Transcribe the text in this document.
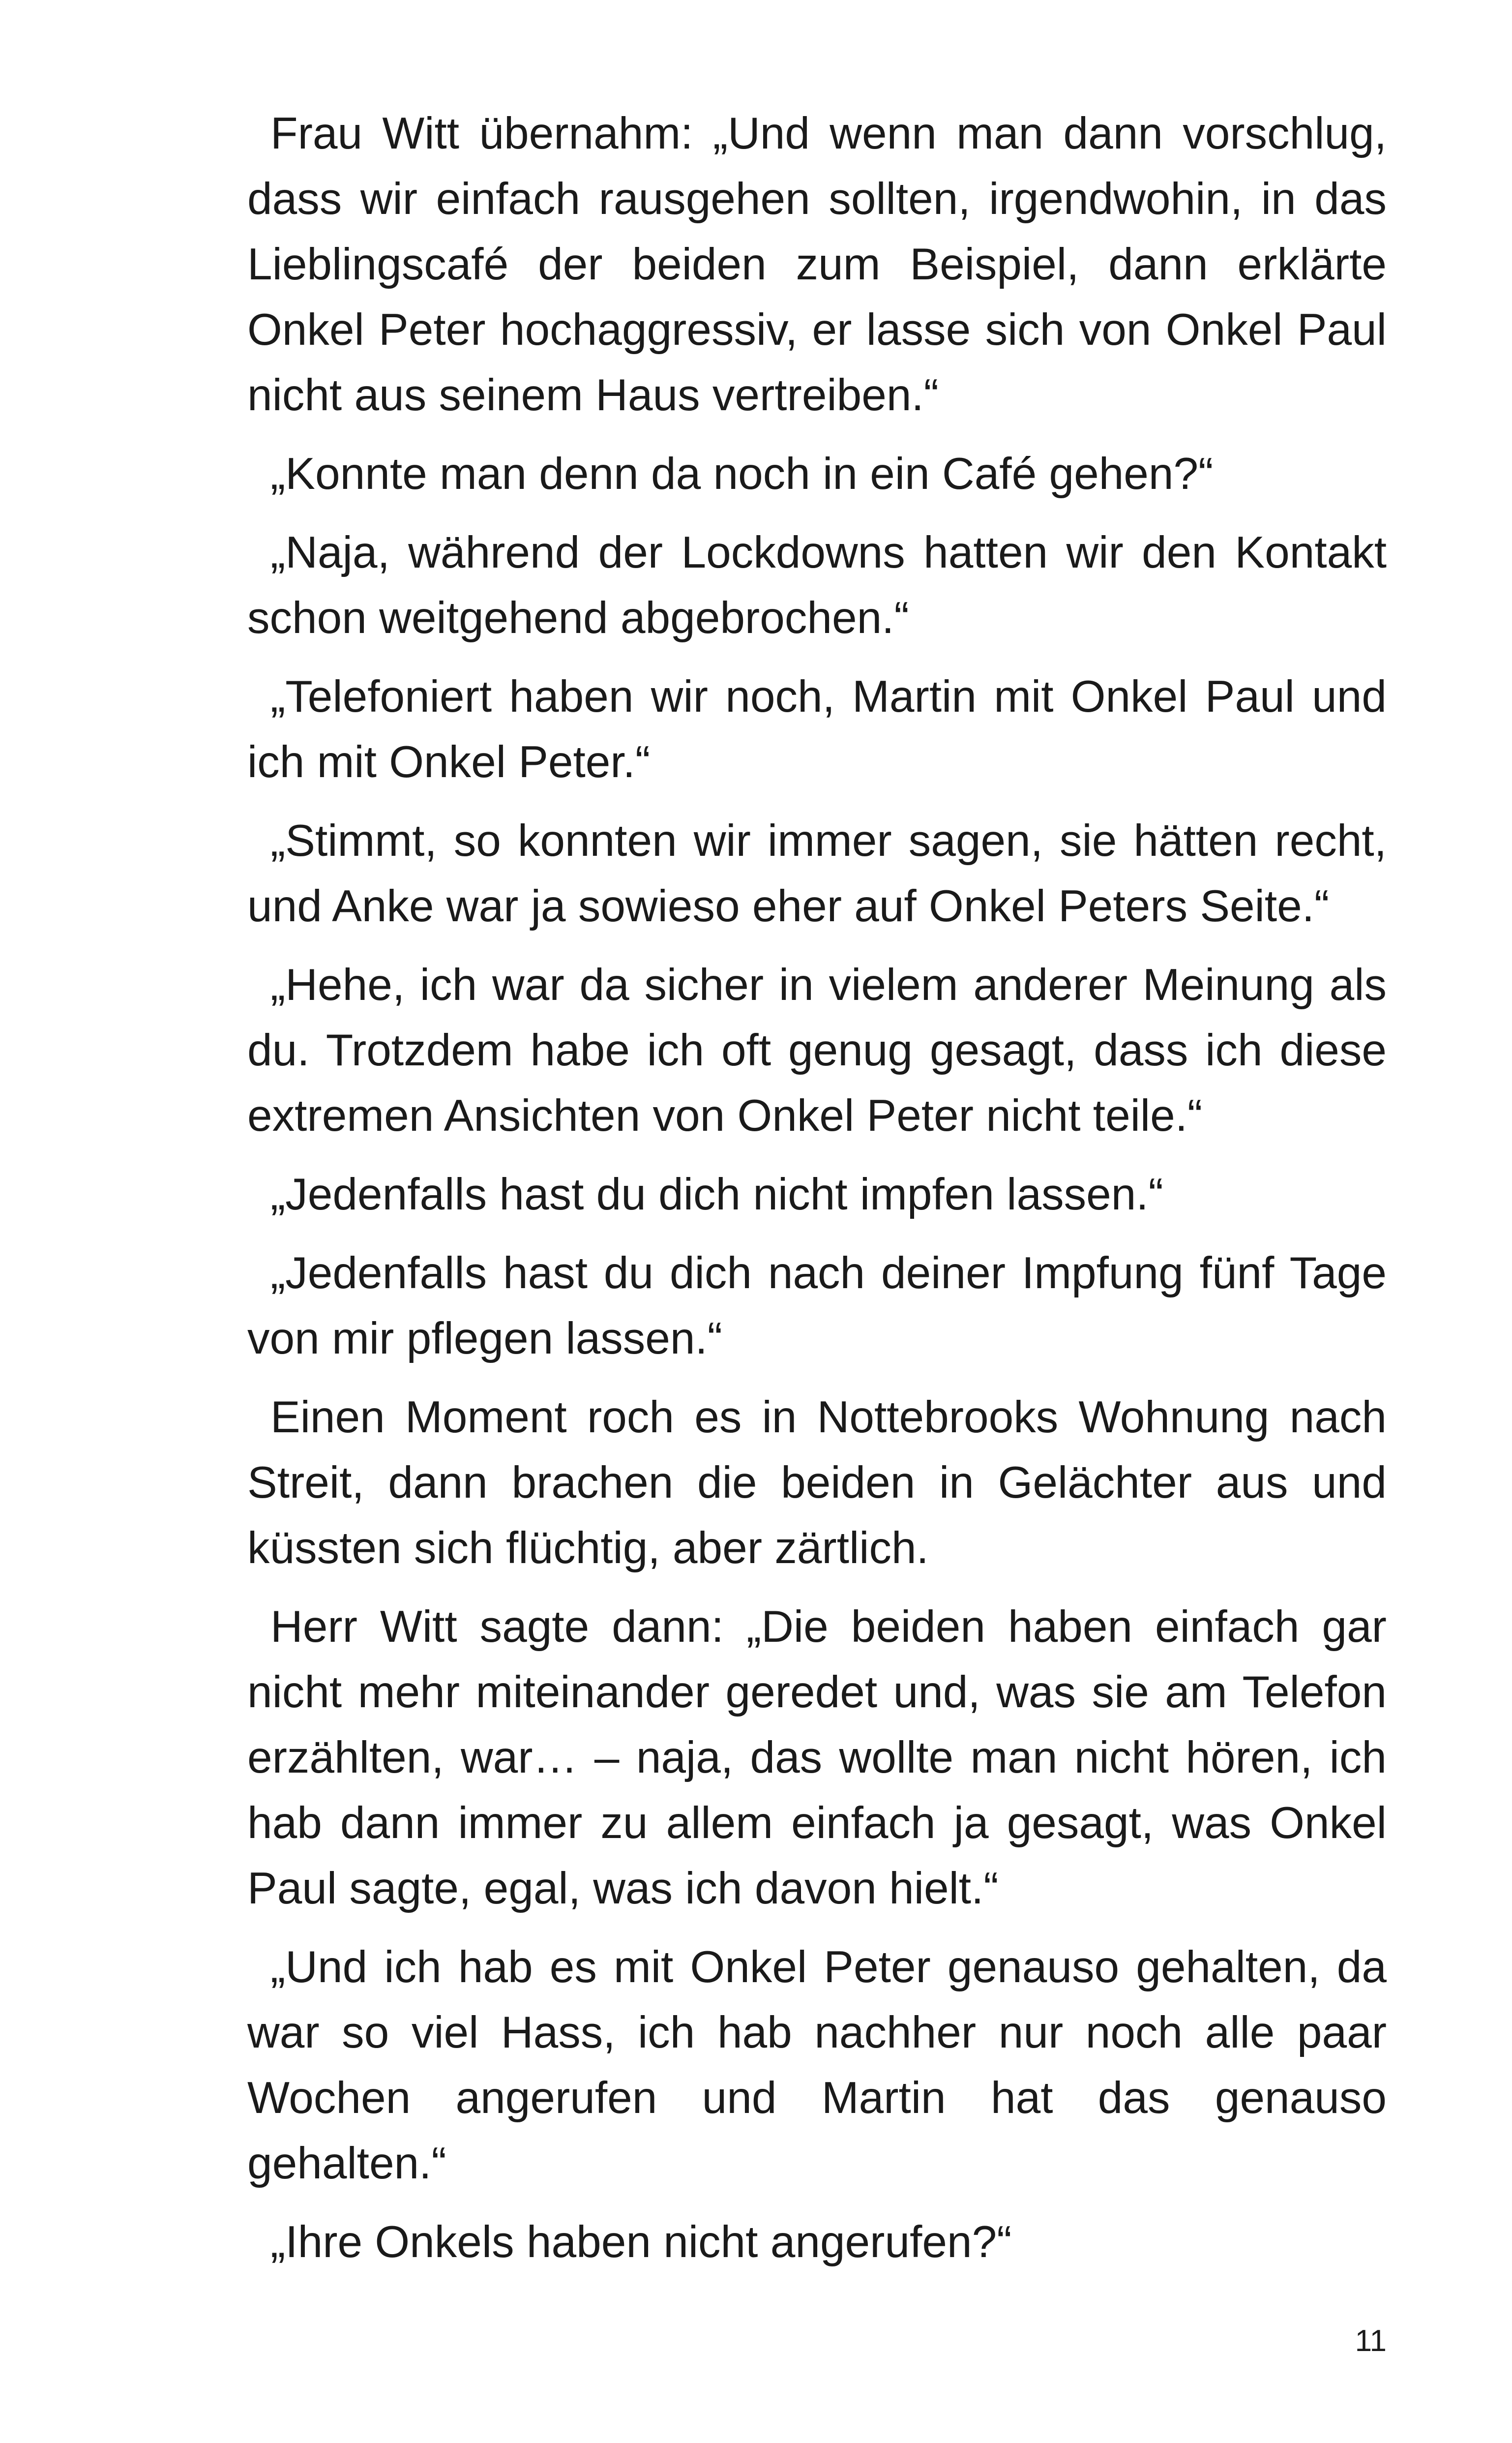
Frau Witt übernahm: „Und wenn man dann vorschlug, dass wir einfach rausgehen sollten, irgendwohin, in das Lieblingscafé der beiden zum Beispiel, dann erklärte Onkel Peter hochaggressiv, er lasse sich von Onkel Paul nicht aus seinem Haus vertreiben.“

„Konnte man denn da noch in ein Café gehen?“

„Naja, während der Lockdowns hatten wir den Kontakt schon weitgehend abgebrochen.“

„Telefoniert haben wir noch, Martin mit Onkel Paul und ich mit Onkel Peter.“

„Stimmt, so konnten wir immer sagen, sie hätten recht, und Anke war ja sowieso eher auf Onkel Peters Seite.“

„Hehe, ich war da sicher in vielem anderer Meinung als du. Trotzdem habe ich oft genug gesagt, dass ich diese extremen Ansichten von Onkel Peter nicht teile.“

„Jedenfalls hast du dich nicht impfen lassen.“

„Jedenfalls hast du dich nach deiner Impfung fünf Tage von mir pflegen lassen.“

Einen Moment roch es in Nottebrooks Wohnung nach Streit, dann brachen die beiden in Gelächter aus und küssten sich flüchtig, aber zärtlich.

Herr Witt sagte dann: „Die beiden haben einfach gar nicht mehr miteinander geredet und, was sie am Telefon erzählten, war… – naja, das wollte man nicht hören, ich hab dann immer zu allem einfach ja gesagt, was Onkel Paul sagte, egal, was ich davon hielt.“

„Und ich hab es mit Onkel Peter genauso gehalten, da war so viel Hass, ich hab nachher nur noch alle paar Wochen angerufen und Martin hat das genauso gehalten.“

„Ihre Onkels haben nicht angerufen?“

11
